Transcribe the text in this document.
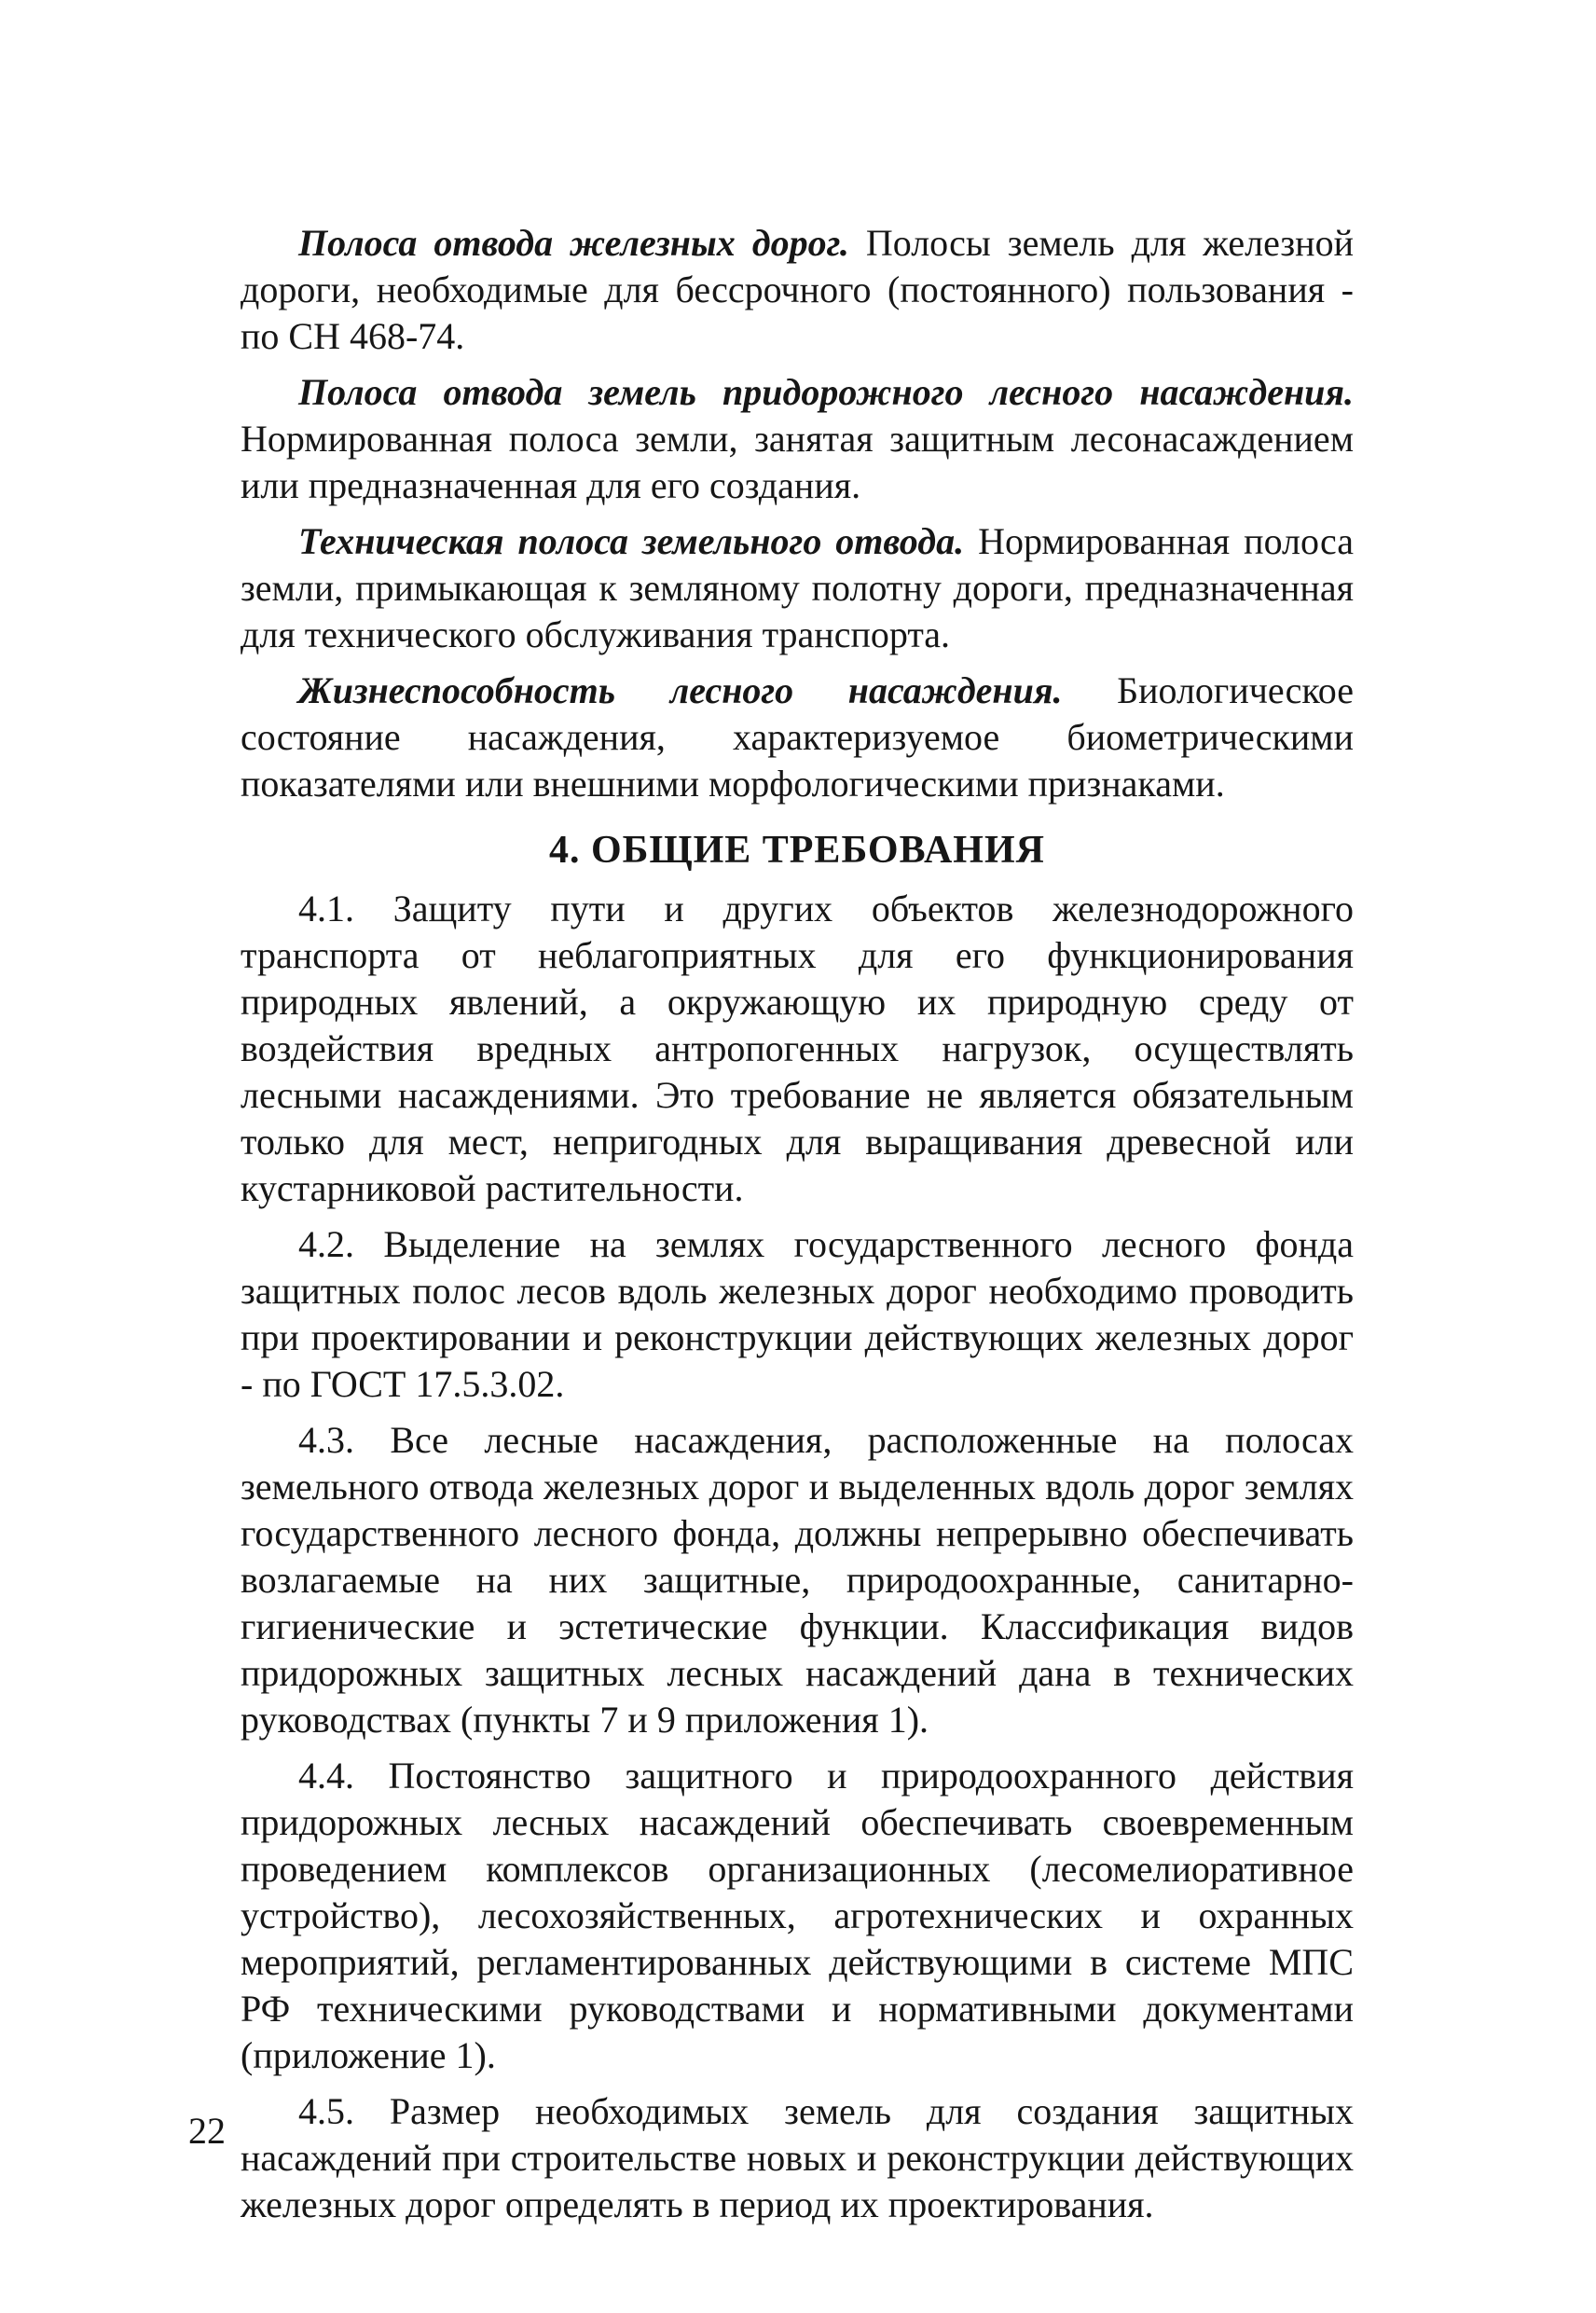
Полоса отвода железных дорог. Полосы земель для железной дороги, необходимые для бессрочного (постоянного) пользования - по СН 468-74.

Полоса отвода земель придорожного лесного насаждения. Нормированная полоса земли, занятая защитным лесонасаждением или предназначенная для его создания.

Техническая полоса земельного отвода. Нормированная полоса земли, примыкающая к земляному полотну дороги, предназначенная для технического обслуживания транспорта.

Жизнеспособность лесного насаждения. Биологическое состояние насаждения, характеризуемое биометрическими показателями или внешними морфологическими признаками.

4. ОБЩИЕ ТРЕБОВАНИЯ

4.1. Защиту пути и других объектов железнодорожного транспорта от неблагоприятных для его функционирования природных явлений, а окружающую их природную среду от воздействия вредных антропогенных нагрузок, осуществлять лесными насаждениями. Это требование не является обязательным только для мест, непригодных для выращивания древесной или кустарниковой растительности.

4.2. Выделение на землях государственного лесного фонда защитных полос лесов вдоль железных дорог необходимо проводить при проектировании и реконструкции действующих железных дорог - по ГОСТ 17.5.3.02.

4.3. Все лесные насаждения, расположенные на полосах земельного отвода железных дорог и выделенных вдоль дорог землях государственного лесного фонда, должны непрерывно обеспечивать возлагаемые на них защитные, природоохранные, санитарно-гигиенические и эстетические функции. Классификация видов придорожных защитных лесных насаждений дана в технических руководствах (пункты 7 и 9 приложения 1).

4.4. Постоянство защитного и природоохранного действия придорожных лесных насаждений обеспечивать своевременным проведением комплексов организационных (лесомелиоративное устройство), лесохозяйственных, агротехнических и охранных мероприятий, регламентированных действующими в системе МПС РФ техническими руководствами и нормативными документами (приложение 1).

4.5. Размер необходимых земель для создания защитных насаждений при строительстве новых и реконструкции действующих железных дорог определять в период их проектирования.

22
